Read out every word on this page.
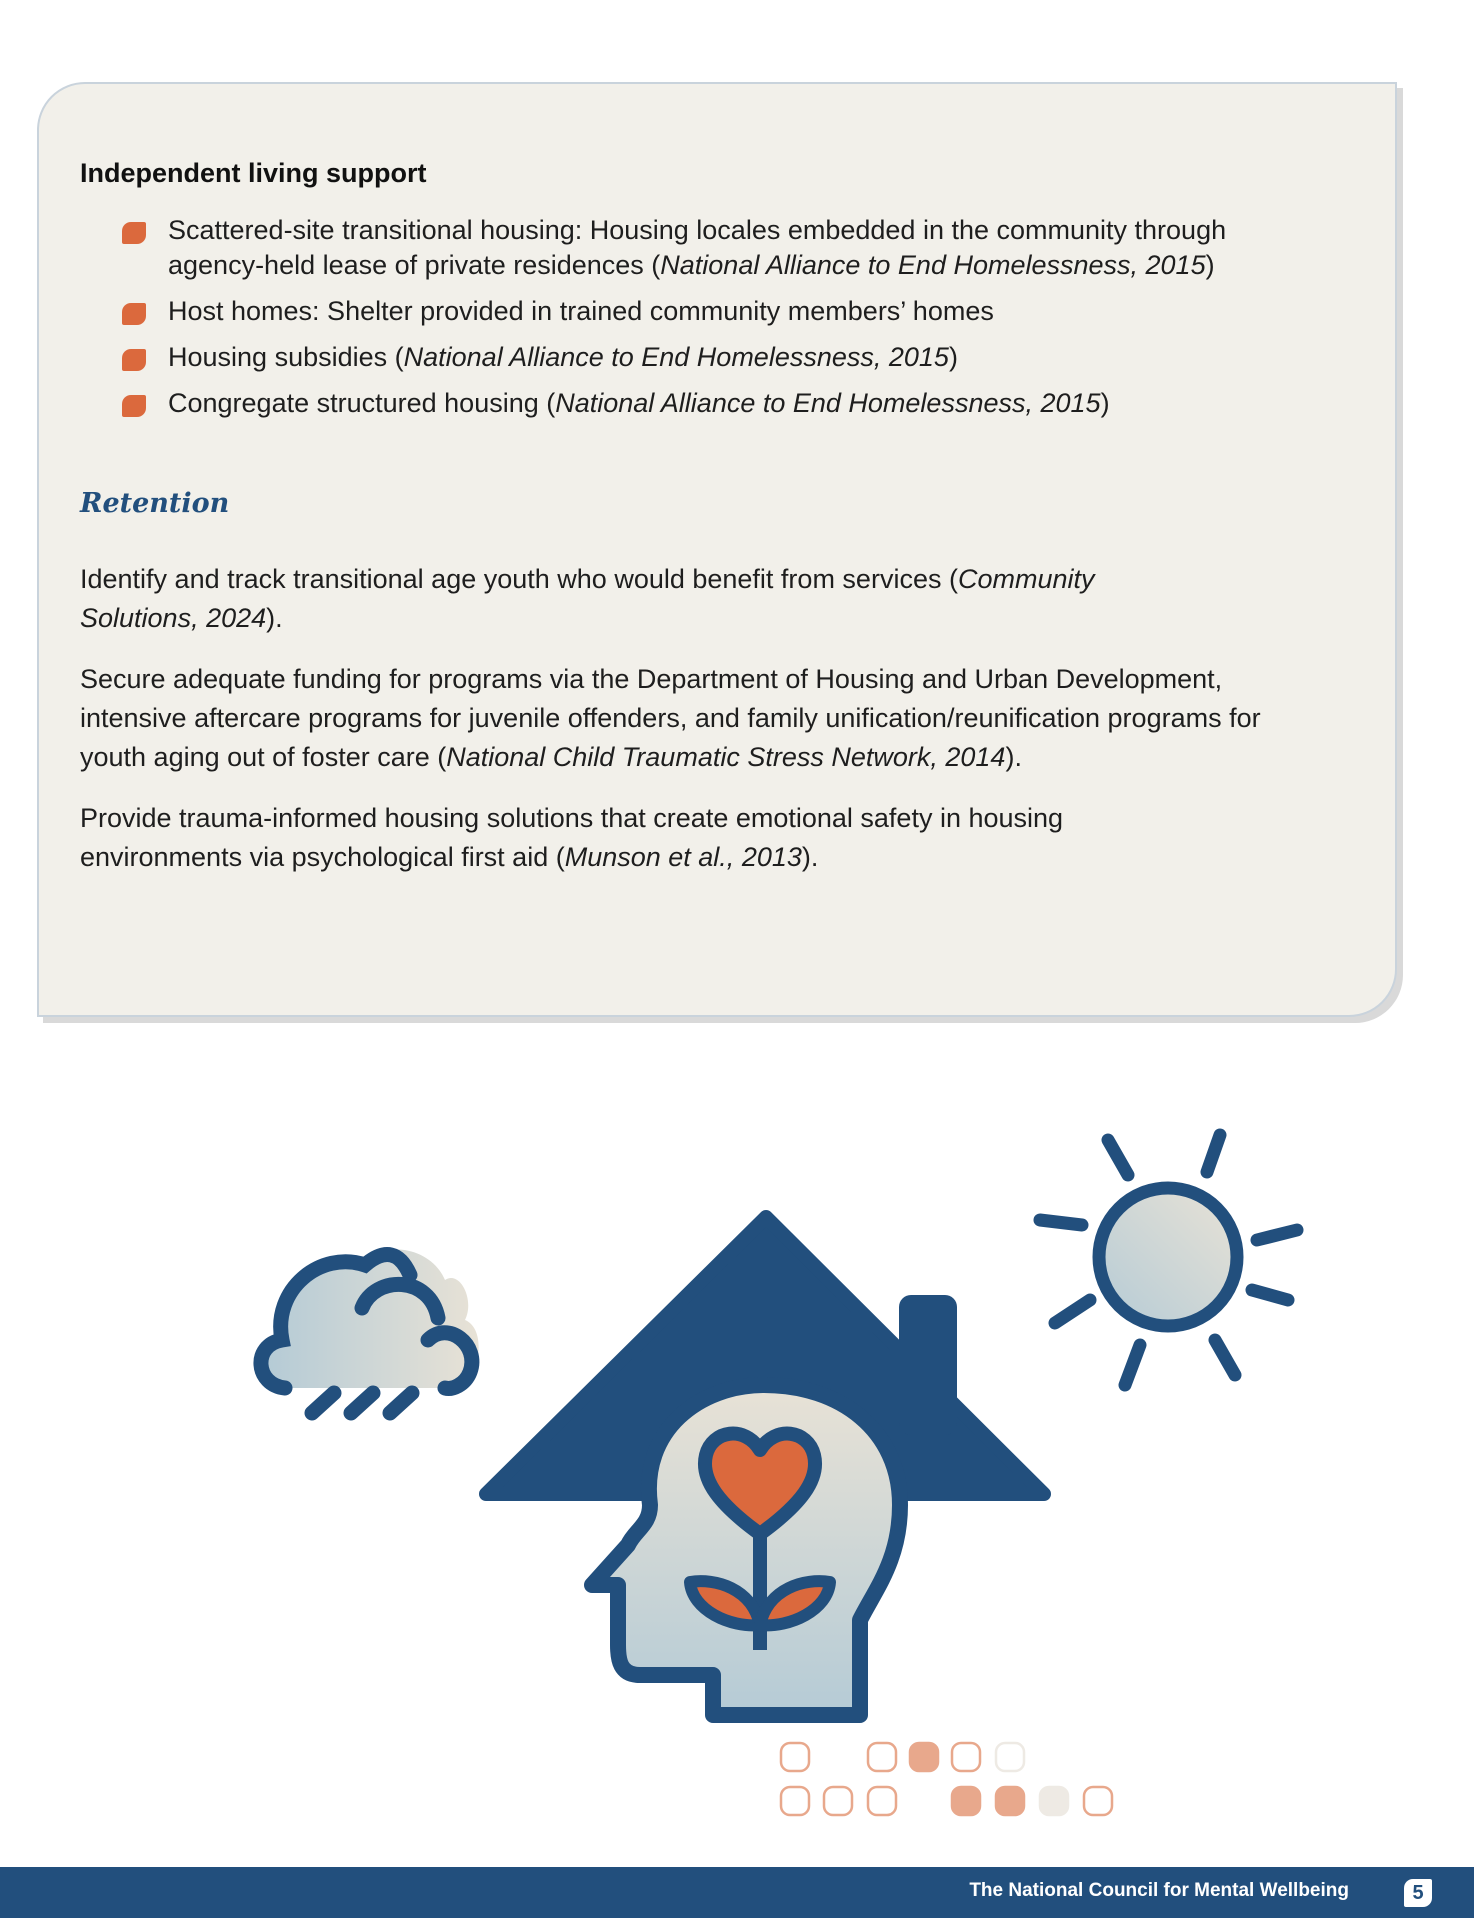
Independent living support
Scattered-site transitional housing: Housing locales embedded in the community through agency-held lease of private residences (National Alliance to End Homelessness, 2015)
Host homes: Shelter provided in trained community members’ homes
Housing subsidies (National Alliance to End Homelessness, 2015)
Congregate structured housing (National Alliance to End Homelessness, 2015)
Retention

Identify and track transitional age youth who would benefit from services (Community Solutions, 2024).

Secure adequate funding for programs via the Department of Housing and Urban Development, intensive aftercare programs for juvenile offenders, and family unification/reunification programs for youth aging out of foster care (National Child Traumatic Stress Network, 2014).

Provide trauma-informed housing solutions that create emotional safety in housing environments via psychological first aid (Munson et al., 2013).

The National Council for Mental Wellbeing	5
